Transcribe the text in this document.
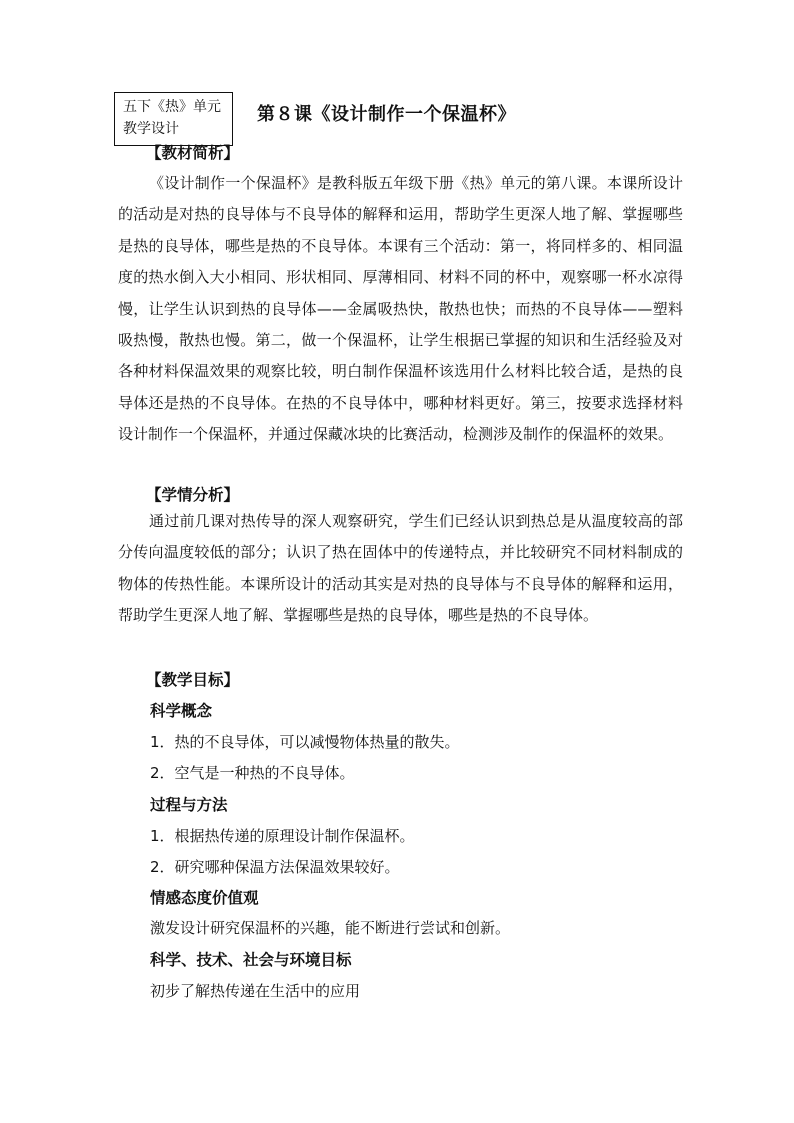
五下《热》单元
教学设计
第８课《设计制作一个保温杯》
【教材简析】

《设计制作一个保温杯》是教科版五年级下册《热》单元的第八课。本课所设计的活动是对热的良导体与不良导体的解释和运用，帮助学生更深人地了解、掌握哪些是热的良导体，哪些是热的不良导体。本课有三个活动：第一，将同样多的、相同温度的热水倒入大小相同、形状相同、厚薄相同、材料不同的杯中，观察哪一杯水凉得慢，让学生认识到热的良导体——金属吸热快，散热也快；而热的不良导体——塑料吸热慢，散热也慢。第二，做一个保温杯，让学生根据已掌握的知识和生活经验及对各种材料保温效果的观察比较，明白制作保温杯该选用什么材料比较合适，是热的良导体还是热的不良导体。在热的不良导体中，哪种材料更好。第三，按要求选择材料设计制作一个保温杯，并通过保藏冰块的比赛活动，检测涉及制作的保温杯的效果。

【学情分析】

通过前几课对热传导的深人观察研究，学生们已经认识到热总是从温度较高的部分传向温度较低的部分；认识了热在固体中的传递特点，并比较研究不同材料制成的物体的传热性能。本课所设计的活动其实是对热的良导体与不良导体的解释和运用，帮助学生更深人地了解、掌握哪些是热的良导体，哪些是热的不良导体。

【教学目标】
科学概念
1．热的不良导体，可以减慢物体热量的散失。
2．空气是一种热的不良导体。
过程与方法
1．根据热传递的原理设计制作保温杯。
2．研究哪种保温方法保温效果较好。
情感态度价值观
激发设计研究保温杯的兴趣，能不断进行尝试和创新。
科学、技术、社会与环境目标
初步了解热传递在生活中的应用
